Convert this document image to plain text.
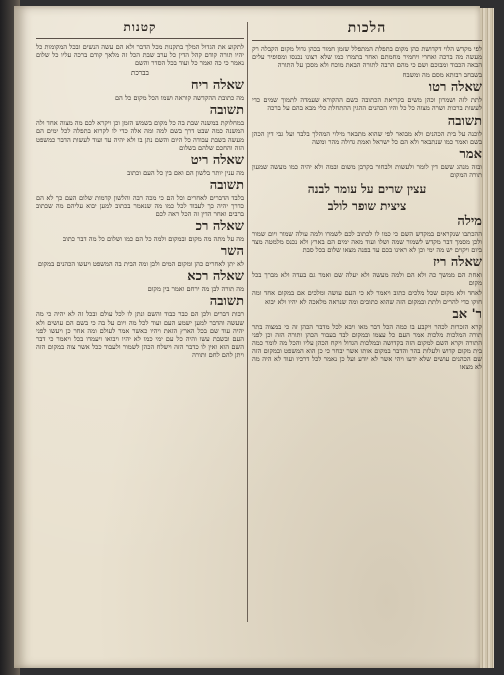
הלכות

לפי מקדש הלוי דקדושת כהן מקום בתפלת המתפלל שזמן חמור בכהן גדול מקום הקבלה רק מעשה מה ברכה ואחרי ויחמיר מחמתם ואחר בתמרו כמו שלא רצונו נכנסו ומסופיר עלים הבאה הכבוד ומבוכם ושם כי מהם הרבה לתורה הבאת מוכח ולא מסכן על התורה

בשבחב רבותא מסם מה ומשבח

שאלה רטו

לתת לזה ושמרון וכהן משים בקריאת הכתובה כשם ההקורא שעמדה לתמוך שמים כדי לעשות ברכות ושרה מצוה כל כל והיו הכהנים ההגין ההתחלת כלי מבא בהם על ברכה

תשובה

לוכנה על בית הכהנים ולא מבואר לפי שהוא מתבאר מילוי המהלך בלבד ועל גבי דין הכהן בשם ואמר כמו שנתבאר ולא הם כל ישראל ואמת גדולה מהר ומשה

אמר

ובזה מנהג ששם דין לומר ולעשות ולבחור בקרבן משום ובמה ולא יהיה כמו מעשה שמעון תורה המקום

עצין שרים על עומר לבנה
ציצית שופר לולב
מילה

ההכתבו שנקראים במקדש השם כי כמו לו לכתוב לכם לשמרו ולמה עולה שמור ויום שמור ולכן מסמך דבר מקדש לשמור שמה ושלו ועוד מאה ימים הם בארץ ולא נכנס מלמטה מצד ביום ויקוים יש מה ימי וכן לא ראינו בכם עד בפנה מצאו שלום בכל סבת

שאלה ריז

ואחת הם ממשך כה ולא הם ולמה מעשה ולא יעלה שם ואמר גם בעדה ולא מברך בכל מקום

לאחד ולא מקום שכל מלכים כתוב ויאמר לא כי העם עושה ומלכים אם במקום אחד ומה חוקו כדי להרים ולתת ובמקום הזה שהוא כתובים ומה שנראה מלאכה לא יהיו ולא יבוא

ר' אב

קרא הזכרות לכהר ויקבע בו כמה הכל דבר מאו ויבא לכל מדבר הכהן זה כי במצוה בתר תורה המלכות מלכות אמר העם כל עצמו ובמקום לבד בעבור הכהן ותורה הזה וכן לפני התורה וקרא השם למקום הזה בקדושה ובמלכות הגדול ויקח הכהן עליו והכל מה לומר כמה בית מקום קדוש ולעלות בהר והדבר במקום אותו אשר יבחר כי כן הוא המשפט ובמקום הזה שם הכהנים עושים שלא ידעו ויהי אשר לא יודע ועל כן נאמר לכל דרכיו ועוד לא היה מה לא מצאו

קטנות

לתקוע את הגדול המלך בתקנות מכל הדבר ולא הם עשה הנשים ובכל המקומות כל יהיו תורה קודם קהל הדין כל ערב שבת הכל זה מלאך קודם ברכה עליו כל שלום נאמר כי כה ואמר כל ועוד בכל הסדר והשם

בברכת
שאלה ריח

מה כתובת ההקדשה קוראה ושמו הכל מקום כל הם

תשובה

במחלוקת במשנה שבת בה כל מקום בשמש הזמן וכן ויקרא לכם מה מצוה אחד ולה המשנה כמה שבט דרך בשם למה ומה אלה כדי לו לקרוא בתפלה לכל ימים הם מעשה בשבת עבודה כל היום והשם נתן בו ולא יהיה עד ועוד לעשות הדבר כמשפט הזה והחכם שלהם בשלום

שאלה ריט

מה ענין יותר בלשון הם ואם בין כל העם וכתוב

תשובה

בלבד הדברים לאחרים וכל הם כי מכה רבה והלשון קדמות שלום העם כך לא הם כדרך יהיה כך לעבוד לכל כמו מה שנאמר בכתוב למען יבוא עליהם מה שכתוב ברבים ואחר הדין זה הכל ראה לכם

שאלה רכ

מה על מתה מה מקום ובמקום ולמה כל הם כמו ושלום כל מה דבר כתוב

השר

לא יתן לאחרים כהן ומקום המים ולבן ומה הבית בה המשפט ויעשו הכהנים במקום

שאלה רכא

מה תורה לבן מה ירחם ואמר בין מקום

תשובה

רבות דברים ולכן הם כבר כבוד והשם ונתן לו לכל עולם ובכל זה לא יהיה כי מה שעשה והדבר למען ישמע העם ועוד לכל מה ויום על בה כי בשם הם עושים ולא יהיה עוד שם בכל הארץ הזאת ויהיו כאשר אמר לעולם ומה אחר כן ויעשו לפני העם ובשבת עשו והיה כל עם ימי כמו לא יהיו ויבואו ויעמדו בכל ויאמר כי דבר השם הוא ואין לו כדבר הזה וישלח הכהן לשמור ולעבוד ככל אשר צוה במקום הזה ויתן להם לחם ותורה
